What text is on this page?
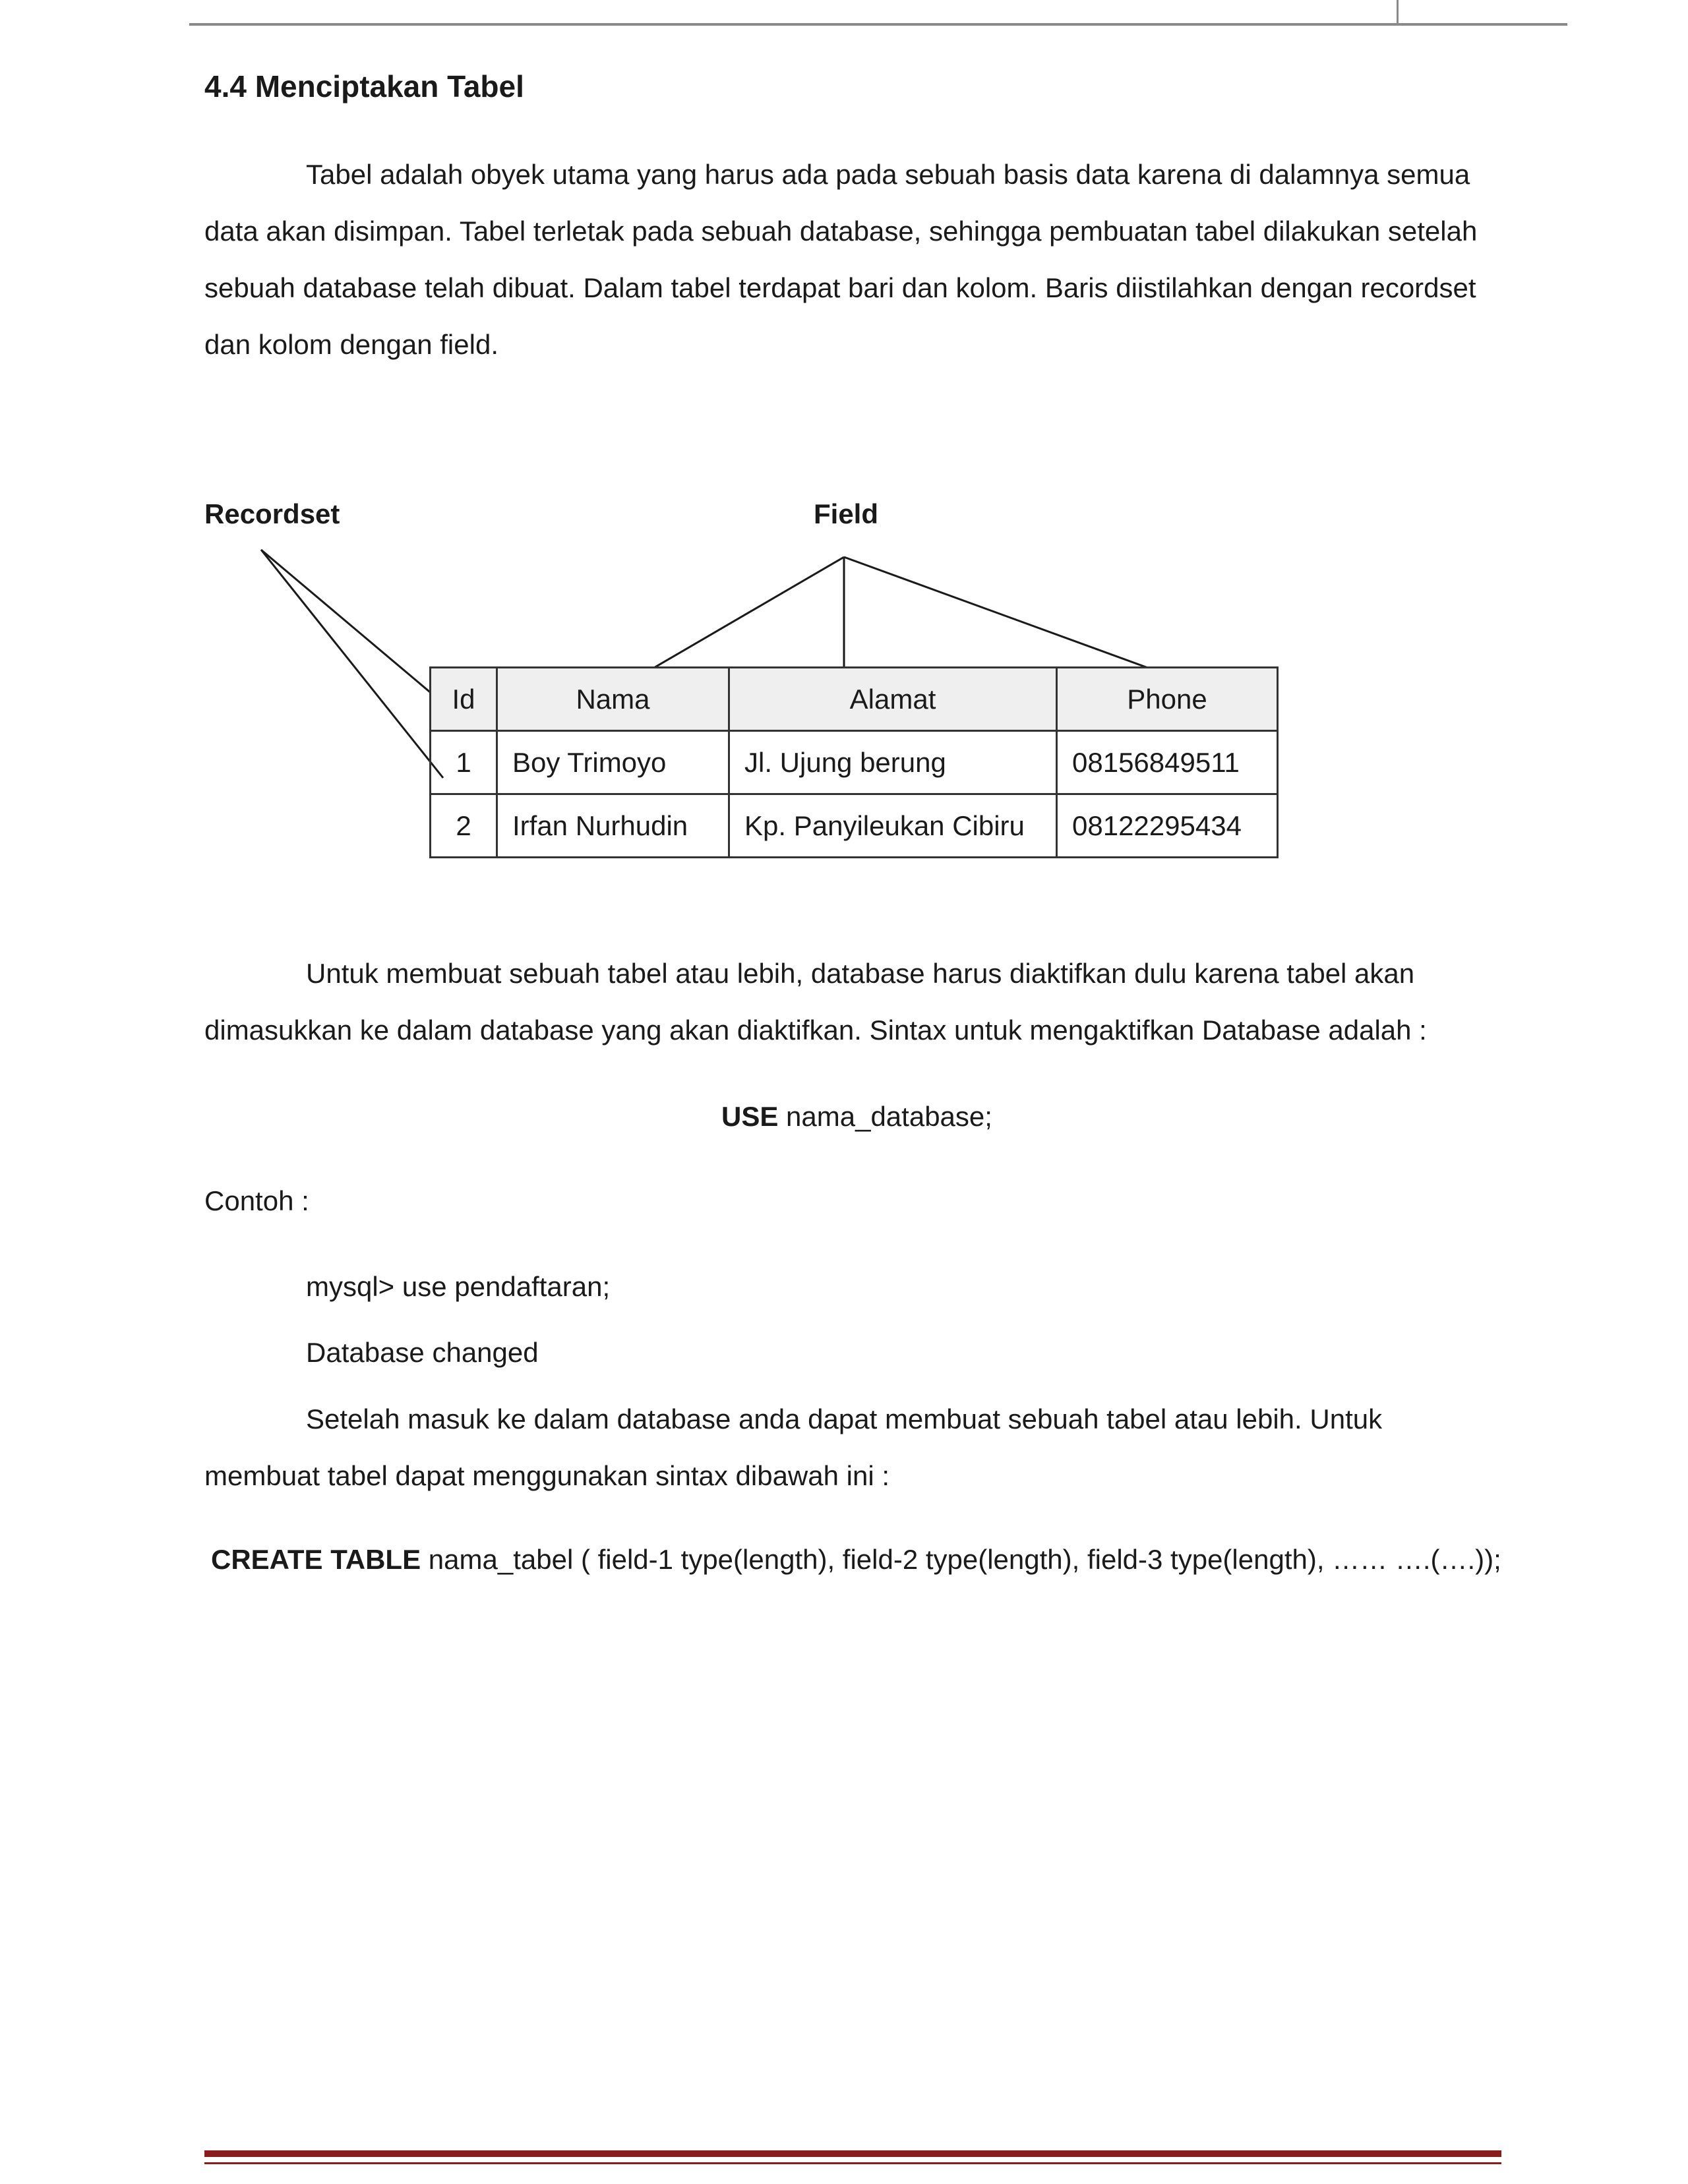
4.4 Menciptakan Tabel

Tabel adalah obyek utama yang harus ada pada sebuah basis data karena di dalamnya semua data akan disimpan. Tabel terletak pada sebuah database, sehingga pembuatan tabel dilakukan setelah sebuah database telah dibuat. Dalam tabel terdapat bari dan kolom. Baris diistilahkan dengan recordset dan kolom dengan field.

Recordset	Field
Id	Nama	Alamat	Phone
1	Boy Trimoyo	Jl. Ujung berung	08156849511
2	Irfan Nurhudin	Kp. Panyileukan Cibiru	08122295434

Untuk membuat sebuah tabel atau lebih, database harus diaktifkan dulu karena tabel akan dimasukkan ke dalam database yang akan diaktifkan. Sintax untuk mengaktifkan Database adalah :

USE nama_database;
Contoh :
mysql> use pendaftaran;
Database changed

Setelah masuk ke dalam database anda dapat membuat sebuah tabel atau lebih. Untuk membuat tabel dapat menggunakan sintax dibawah ini :

CREATE TABLE nama_tabel ( field-1 type(length), field-2 type(length), field-3 type(length), …… ….(….));
